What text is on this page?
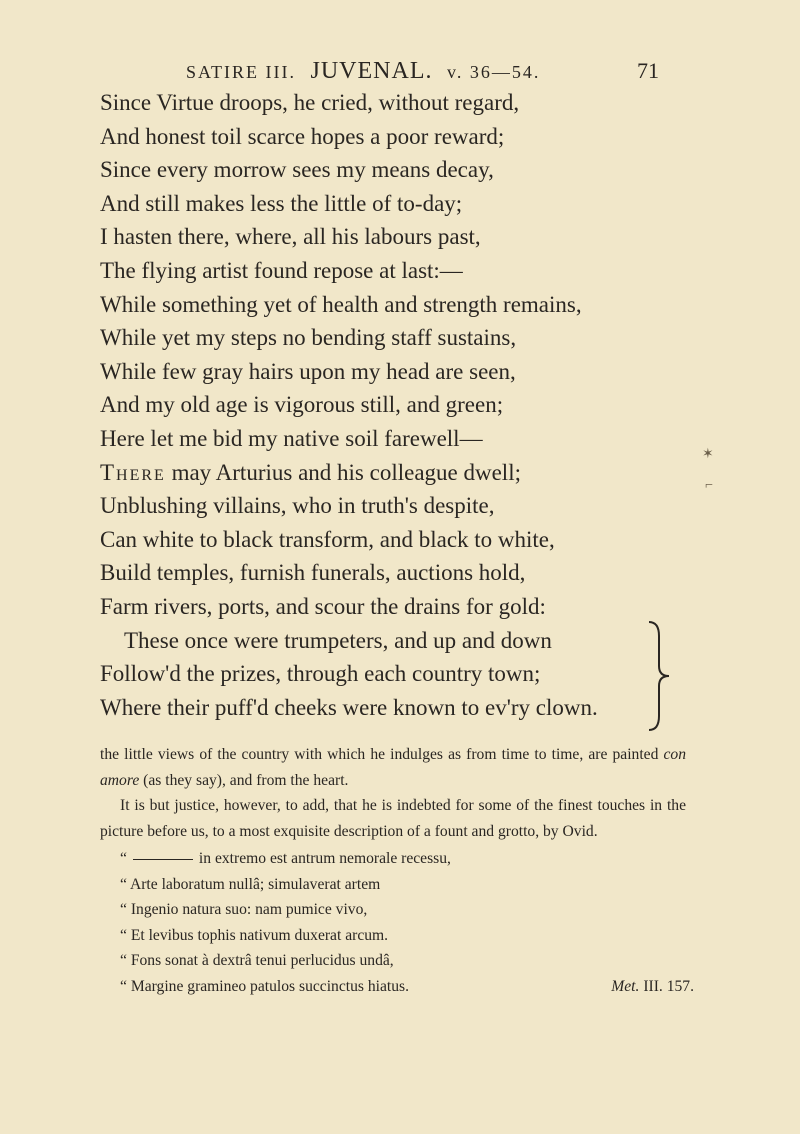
SATIRE III. JUVENAL. v. 36—54.	71
Since Virtue droops, he cried, without regard,
And honest toil scarce hopes a poor reward;
Since every morrow sees my means decay,
And still makes less the little of to-day;
I hasten there, where, all his labours past,
The flying artist found repose at last:—
While something yet of health and strength remains,
While yet my steps no bending staff sustains,
While few gray hairs upon my head are seen,
And my old age is vigorous still, and green;
Here let me bid my native soil farewell—
There may Arturius and his colleague dwell;
Unblushing villains, who in truth's despite,
Can white to black transform, and black to white,
Build temples, furnish funerals, auctions hold,
Farm rivers, ports, and scour the drains for gold:
These once were trumpeters, and up and down
Follow'd the prizes, through each country town;
Where their puff'd cheeks were known to ev'ry clown.
✶
⌐

the little views of the country with which he indulges as from time to time, are painted con amore (as they say), and from the heart.

It is but justice, however, to add, that he is indebted for some of the finest touches in the picture before us, to a most exquisite description of a fount and grotto, by Ovid.

“	in extremo est antrum nemorale recessu,
“ Arte laboratum nullâ; simulaverat artem
“ Ingenio natura suo: nam pumice vivo,
“ Et levibus tophis nativum duxerat arcum.
“ Fons sonat à dextrâ tenui perlucidus undâ,
“ Margine gramineo patulos succinctus hiatus.	Met. III. 157.
